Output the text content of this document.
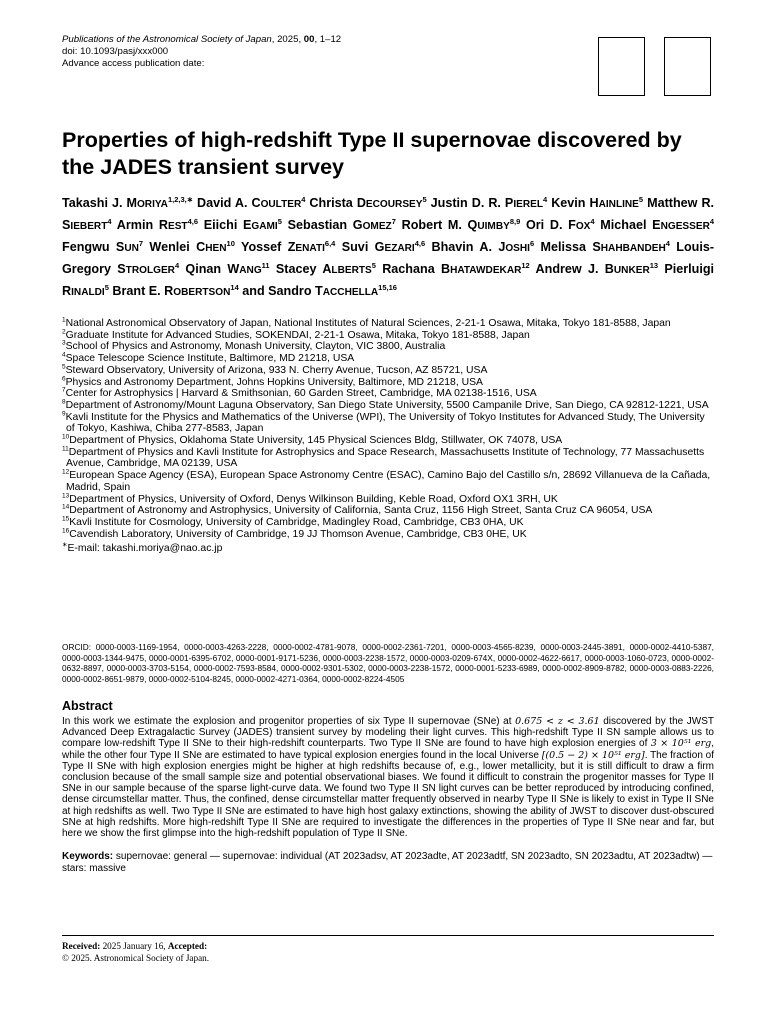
Publications of the Astronomical Society of Japan, 2025, 00, 1–12
doi: 10.1093/pasj/xxx000
Advance access publication date:
Properties of high-redshift Type II supernovae discovered by the JADES transient survey
Takashi J. $MORIYA^{1,2,3,∗}$ David A. COULTER$^4$ Christa DECOURSEY$^5$ Justin D. R. PIEREL$^4$ Kevin HAINLINE$^5$ Matthew R. SIEBERT$^4$ Armin REST$^{4,6}$ Eiichi EGAMI$^5$ Sebastian GOMEZ$^7$ Robert M. QUIMBY$^{8,9}$ Ori D. FOX$^4$ Michael ENGESSER$^4$ Fengwu SUN$^7$ Wenlei CHEN$^{10}$ Yossef ZENATI$^{6,4}$ Suvi GEZARI$^{4,6}$ Bhavin A. JOSHI$^6$ Melissa SHAHBANDEH$^4$ Louis-Gregory STROLGER$^4$ Qinan WANG$^{11}$ Stacey ALBERTS$^5$ Rachana BHATAWDEKAR$^{12}$ Andrew J. BUNKER$^{13}$ Pierluigi RINALDI$^5$ Brant E. ROBERTSON$^{14}$ and Sandro TACCHELLA$^{15,16}$
$^1$National Astronomical Observatory of Japan, National Institutes of Natural Sciences, 2-21-1 Osawa, Mitaka, Tokyo 181-8588, Japan
$^2$Graduate Institute for Advanced Studies, SOKENDAI, 2-21-1 Osawa, Mitaka, Tokyo 181-8588, Japan
$^3$School of Physics and Astronomy, Monash University, Clayton, VIC 3800, Australia
$^4$Space Telescope Science Institute, Baltimore, MD 21218, USA
$^5$Steward Observatory, University of Arizona, 933 N. Cherry Avenue, Tucson, AZ 85721, USA
$^6$Physics and Astronomy Department, Johns Hopkins University, Baltimore, MD 21218, USA
$^7$Center for Astrophysics | Harvard & Smithsonian, 60 Garden Street, Cambridge, MA 02138-1516, USA
$^8$Department of Astronomy/Mount Laguna Observatory, San Diego State University, 5500 Campanile Drive, San Diego, CA 92812-1221, USA
$^9$Kavli Institute for the Physics and Mathematics of the Universe (WPI), The University of Tokyo Institutes for Advanced Study, The University of Tokyo, Kashiwa, Chiba 277-8583, Japan
$^{10}$Department of Physics, Oklahoma State University, 145 Physical Sciences Bldg, Stillwater, OK 74078, USA
$^{11}$Department of Physics and Kavli Institute for Astrophysics and Space Research, Massachusetts Institute of Technology, 77 Massachusetts Avenue, Cambridge, MA 02139, USA
$^{12}$European Space Agency (ESA), European Space Astronomy Centre (ESAC), Camino Bajo del Castillo s/n, 28692 Villanueva de la Cañada, Madrid, Spain
$^{13}$Department of Physics, University of Oxford, Denys Wilkinson Building, Keble Road, Oxford OX1 3RH, UK
$^{14}$Department of Astronomy and Astrophysics, University of California, Santa Cruz, 1156 High Street, Santa Cruz CA 96054, USA
$^{15}$Kavli Institute for Cosmology, University of Cambridge, Madingley Road, Cambridge, CB3 0HA, UK
$^{16}$Cavendish Laboratory, University of Cambridge, 19 JJ Thomson Avenue, Cambridge, CB3 0HE, UK
∗E-mail: takashi.moriya@nao.ac.jp
ORCID: 0000-0003-1169-1954, 0000-0003-4263-2228, 0000-0002-4781-9078, 0000-0002-2361-7201, 0000-0003-4565-8239, 0000-0003-2445-3891, 0000-0002-4410-5387, 0000-0003-1344-9475, 0000-0001-6395-6702, 0000-0001-9171-5236, 0000-0003-2238-1572, 0000-0003-0209-674X, 0000-0002-4622-6617, 0000-0003-1060-0723, 0000-0002-0632-8897, 0000-0003-3703-5154, 0000-0002-7593-8584, 0000-0002-9301-5302, 0000-0003-2238-1572, 0000-0001-5233-6989, 0000-0002-8909-8782, 0000-0003-0883-2226, 0000-0002-8651-9879, 0000-0002-5104-8245, 0000-0002-4271-0364, 0000-0002-8224-4505
Abstract
In this work we estimate the explosion and progenitor properties of six Type II supernovae (SNe) at 0.675 < z < 3.61 discovered by the JWST Advanced Deep Extragalactic Survey (JADES) transient survey by modeling their light curves. This high-redshift Type II SN sample allows us to compare low-redshift Type II SNe to their high-redshift counterparts. Two Type II SNe are found to have high explosion energies of 3 × 10⁵¹ erg, while the other four Type II SNe are estimated to have typical explosion energies found in the local Universe [(0.5 − 2) × 10⁵¹ erg]. The fraction of Type II SNe with high explosion energies might be higher at high redshifts because of, e.g., lower metallicity, but it is still difficult to draw a firm conclusion because of the small sample size and potential observational biases. We found it difficult to constrain the progenitor masses for Type II SNe in our sample because of the sparse light-curve data. We found two Type II SN light curves can be better reproduced by introducing confined, dense circumstellar matter. Thus, the confined, dense circumstellar matter frequently observed in nearby Type II SNe is likely to exist in Type II SNe at high redshifts as well. Two Type II SNe are estimated to have high host galaxy extinctions, showing the ability of JWST to discover dust-obscured SNe at high redshifts. More high-redshift Type II SNe are required to investigate the differences in the properties of Type II SNe near and far, but here we show the first glimpse into the high-redshift population of Type II SNe.
Keywords: supernovae: general — supernovae: individual (AT 2023adsv, AT 2023adte, AT 2023adtf, SN 2023adto, SN 2023adtu, AT 2023adtw) — stars: massive
Received: 2025 January 16, Accepted:
© 2025. Astronomical Society of Japan.
